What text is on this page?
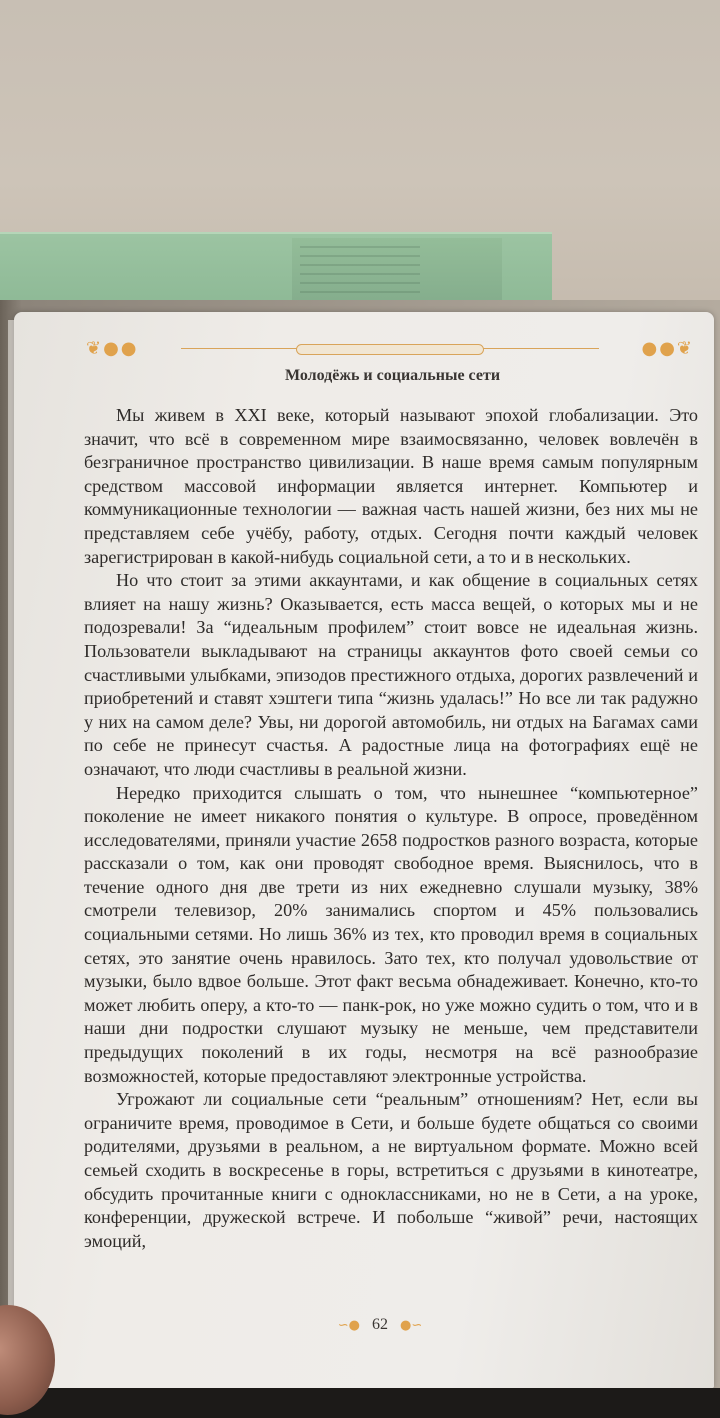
❦●●	●●❦
Молодёжь и социальные сети

Мы живем в XXI веке, который называют эпохой глобализации. Это значит, что всё в современном мире взаимосвязанно, человек вовлечён в безграничное пространство цивилизации. В наше время самым популярным средством массовой информации является интернет. Компьютер и коммуникационные технологии — важная часть нашей жизни, без них мы не представляем себе учёбу, работу, отдых. Сегодня почти каждый человек зарегистрирован в какой-нибудь социальной сети, а то и в нескольких.

Но что стоит за этими аккаунтами, и как общение в социальных сетях влияет на нашу жизнь? Оказывается, есть масса вещей, о которых мы и не подозревали! За “идеальным профилем” стоит вовсе не идеальная жизнь. Пользователи выкладывают на страницы аккаунтов фото своей семьи со счастливыми улыбками, эпизодов престижного отдыха, дорогих развлечений и приобретений и ставят хэштеги типа “жизнь удалась!” Но все ли так радужно у них на самом деле? Увы, ни дорогой автомобиль, ни отдых на Багамах сами по себе не принесут счастья. А радостные лица на фотографиях ещё не означают, что люди счастливы в реальной жизни.

Нередко приходится слышать о том, что нынешнее “компьютерное” поколение не имеет никакого понятия о культуре. В опросе, проведённом исследователями, приняли участие 2658 подростков разного возраста, которые рассказали о том, как они проводят свободное время. Выяснилось, что в течение одного дня две трети из них ежедневно слушали музыку, 38% смотрели телевизор, 20% занимались спортом и 45% пользовались социальными сетями. Но лишь 36% из тех, кто проводил время в социальных сетях, это занятие очень нравилось. Зато тех, кто получал удовольствие от музыки, было вдвое больше. Этот факт весьма обнадеживает. Конечно, кто-то может любить оперу, а кто-то — панк-рок, но уже можно судить о том, что и в наши дни подростки слушают музыку не меньше, чем представители предыдущих поколений в их годы, несмотря на всё разнообразие возможностей, которые предоставляют электронные устройства.

Угрожают ли социальные сети “реальным” отношениям? Нет, если вы ограничите время, проводимое в Сети, и больше будете общаться со своими родителями, друзьями в реальном, а не виртуальном формате. Можно всей семьей сходить в воскресенье в горы, встретиться с друзьями в кинотеатре, обсудить прочитанные книги с одноклассниками, но не в Сети, а на уроке, конференции, дружеской встрече. И побольше “живой” речи, настоящих эмоций,

∽● 62 ●∽
